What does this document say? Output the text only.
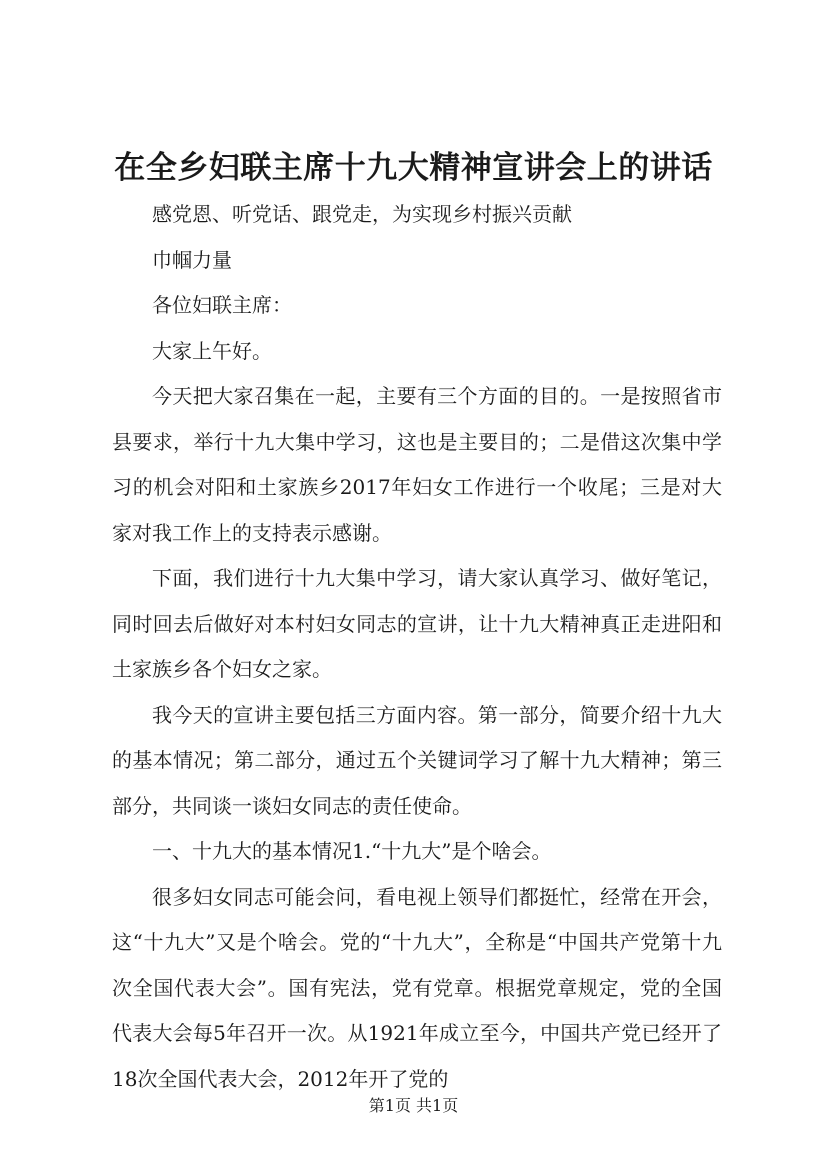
在全乡妇联主席十九大精神宣讲会上的讲话

感党恩、听党话、跟党走，为实现乡村振兴贡献

巾帼力量

各位妇联主席：

大家上午好。

今天把大家召集在一起，主要有三个方面的目的。一是按照省市县要求，举行十九大集中学习，这也是主要目的；二是借这次集中学习的机会对阳和土家族乡2017年妇女工作进行一个收尾；三是对大家对我工作上的支持表示感谢。

下面，我们进行十九大集中学习，请大家认真学习、做好笔记，同时回去后做好对本村妇女同志的宣讲，让十九大精神真正走进阳和土家族乡各个妇女之家。

我今天的宣讲主要包括三方面内容。第一部分，简要介绍十九大的基本情况；第二部分，通过五个关键词学习了解十九大精神；第三部分，共同谈一谈妇女同志的责任使命。

一、十九大的基本情况1.“十九大”是个啥会。

很多妇女同志可能会问，看电视上领导们都挺忙，经常在开会，这“十九大”又是个啥会。党的“十九大”，全称是“中国共产党第十九次全国代表大会”。国有宪法，党有党章。根据党章规定，党的全国代表大会每5年召开一次。从1921年成立至今，中国共产党已经开了18次全国代表大会，2012年开了党的

第1页 共1页
